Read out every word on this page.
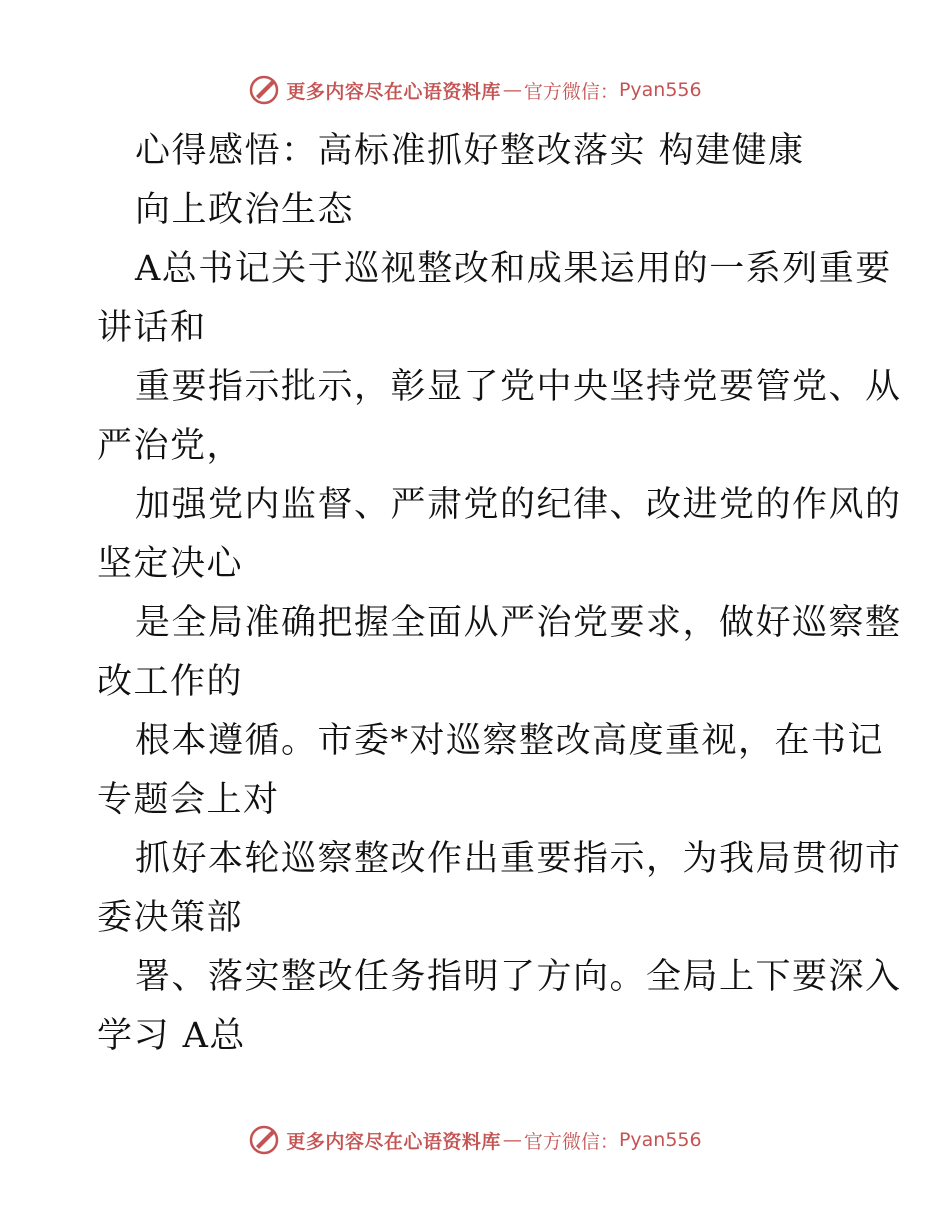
更多内容尽在心语资料库 — 官方微信： Pyan556
心得感悟：高标准抓好整改落实 构建健康
向上政治生态
A总书记关于巡视整改和成果运用的一系列重要
讲话和
重要指示批示，彰显了党中央坚持党要管党、从
严治党，
加强党内监督、严肃党的纪律、改进党的作风的
坚定决心
是全局准确把握全面从严治党要求，做好巡察整
改工作的
根本遵循。市委*对巡察整改高度重视，在书记
专题会上对
抓好本轮巡察整改作出重要指示，为我局贯彻市
委决策部
署、落实整改任务指明了方向。全局上下要深入
学习 A总
更多内容尽在心语资料库 — 官方微信： Pyan556
